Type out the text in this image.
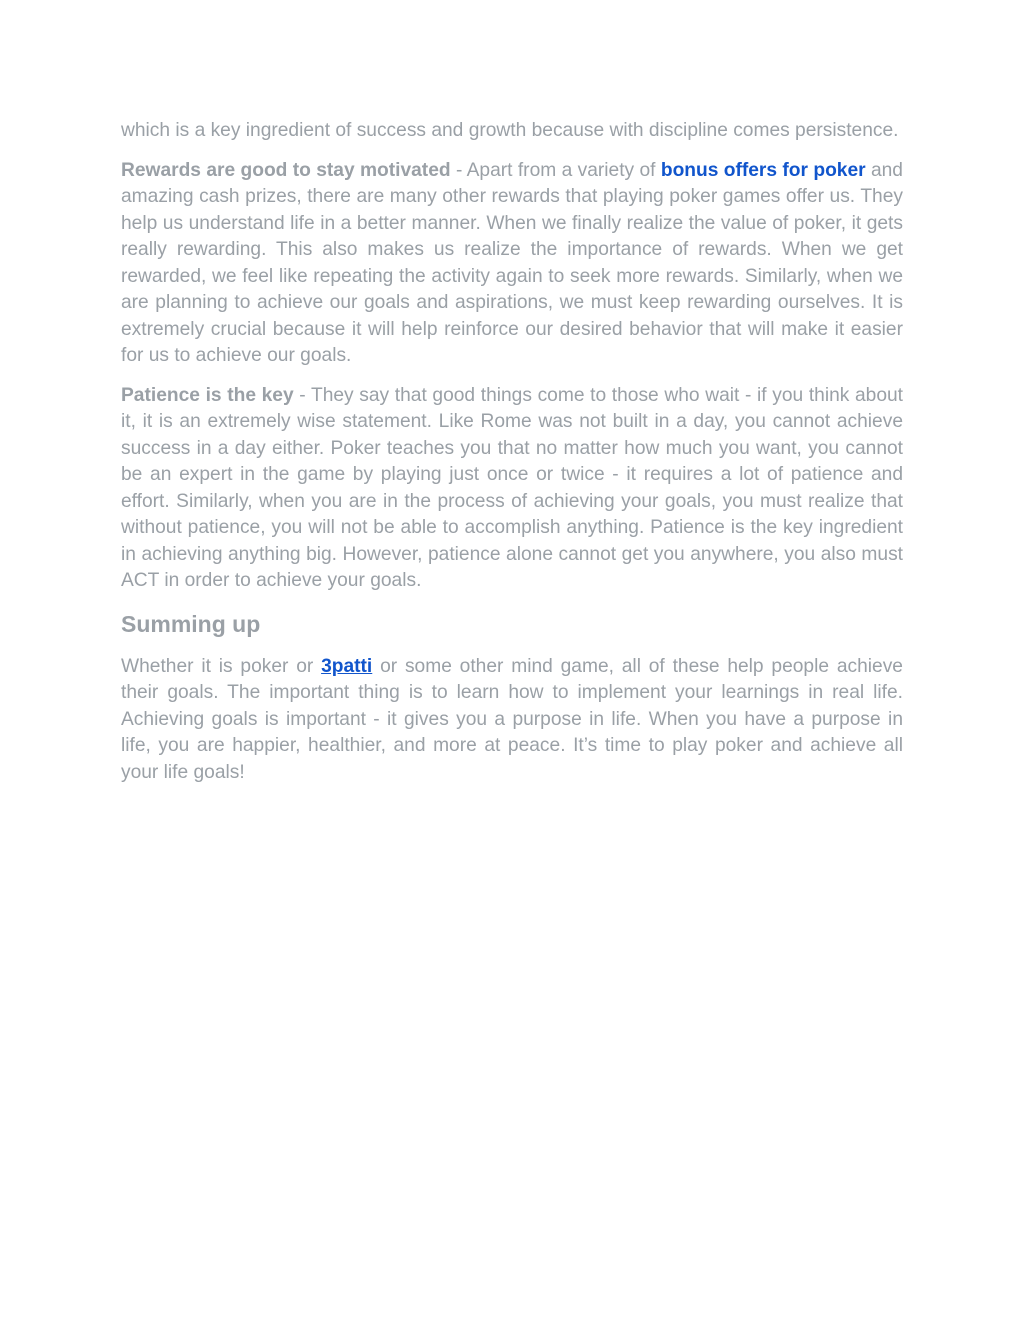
which is a key ingredient of success and growth because with discipline comes persistence.

Rewards are good to stay motivated - Apart from a variety of bonus offers for poker and amazing cash prizes, there are many other rewards that playing poker games offer us. They help us understand life in a better manner. When we finally realize the value of poker, it gets really rewarding. This also makes us realize the importance of rewards. When we get rewarded, we feel like repeating the activity again to seek more rewards. Similarly, when we are planning to achieve our goals and aspirations, we must keep rewarding ourselves. It is extremely crucial because it will help reinforce our desired behavior that will make it easier for us to achieve our goals.

Patience is the key - They say that good things come to those who wait - if you think about it, it is an extremely wise statement. Like Rome was not built in a day, you cannot achieve success in a day either. Poker teaches you that no matter how much you want, you cannot be an expert in the game by playing just once or twice - it requires a lot of patience and effort. Similarly, when you are in the process of achieving your goals, you must realize that without patience, you will not be able to accomplish anything. Patience is the key ingredient in achieving anything big. However, patience alone cannot get you anywhere, you also must ACT in order to achieve your goals.

Summing up

Whether it is poker or 3patti or some other mind game, all of these help people achieve their goals. The important thing is to learn how to implement your learnings in real life. Achieving goals is important - it gives you a purpose in life. When you have a purpose in life, you are happier, healthier, and more at peace. It’s time to play poker and achieve all your life goals!
